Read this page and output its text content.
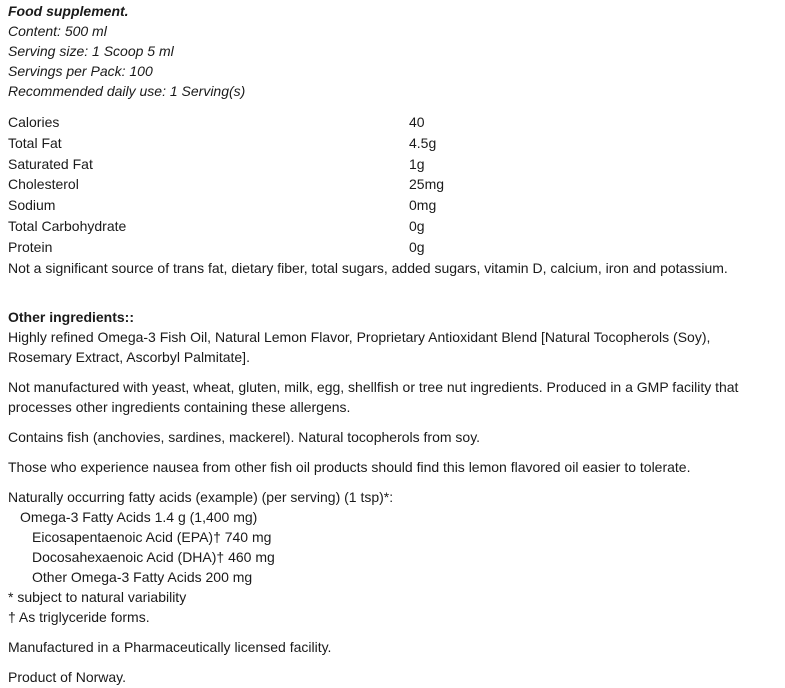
Food supplement.
Content: 500 ml
Serving size: 1 Scoop 5 ml
Servings per Pack: 100
Recommended daily use: 1 Serving(s)
Calories	40
Total Fat	4.5g
Saturated Fat	1g
Cholesterol	25mg
Sodium	0mg
Total Carbohydrate	0g
Protein	0g
Not a significant source of trans fat, dietary fiber, total sugars, added sugars, vitamin D, calcium, iron and potassium.
Other ingredients::

Highly refined Omega-3 Fish Oil, Natural Lemon Flavor, Proprietary Antioxidant Blend [Natural Tocopherols (Soy), Rosemary Extract, Ascorbyl Palmitate].

Not manufactured with yeast, wheat, gluten, milk, egg, shellfish or tree nut ingredients. Produced in a GMP facility that processes other ingredients containing these allergens.

Contains fish (anchovies, sardines, mackerel). Natural tocopherols from soy.
Those who experience nausea from other fish oil products should find this lemon flavored oil easier to tolerate.
Naturally occurring fatty acids (example) (per serving) (1 tsp)*:
Omega-3 Fatty Acids 1.4 g (1,400 mg)
Eicosapentaenoic Acid (EPA)† 740 mg
Docosahexaenoic Acid (DHA)† 460 mg
Other Omega-3 Fatty Acids 200 mg
* subject to natural variability
† As triglyceride forms.
Manufactured in a Pharmaceutically licensed facility.
Product of Norway.
